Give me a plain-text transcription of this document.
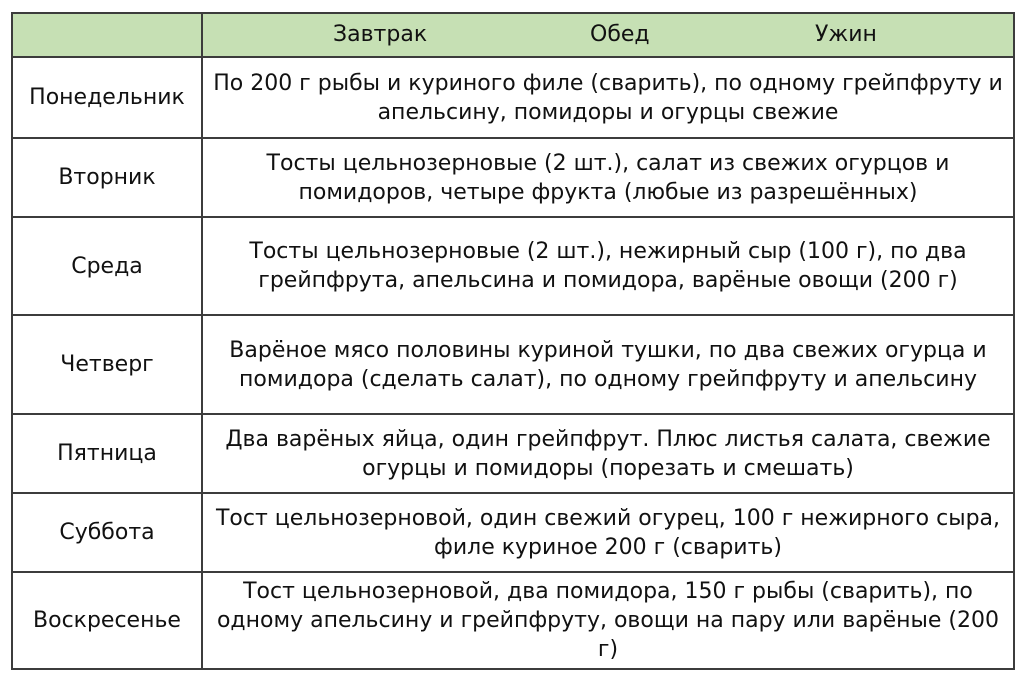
	Завтрак Обед Ужин

Понедельник	По 200 г рыбы и куриного филе (сварить), по одному грейпфруту и апельсину, помидоры и огурцы свежие
Вторник	Тосты цельнозерновые (2 шт.), салат из свежих огурцов и помидоров, четыре фрукта (любые из разрешённых)
Среда	Тосты цельнозерновые (2 шт.), нежирный сыр (100 г), по два грейпфрута, апельсина и помидора, варёные овощи (200 г)
Четверг	Варёное мясо половины куриной тушки, по два свежих огурца и помидора (сделать салат), по одному грейпфруту и апельсину
Пятница	Два варёных яйца, один грейпфрут. Плюс листья салата, свежие огурцы и помидоры (порезать и смешать)
Суббота	Тост цельнозерновой, один свежий огурец, 100 г нежирного сыра, филе куриное 200 г (сварить)
Воскресенье	Тост цельнозерновой, два помидора, 150 г рыбы (сварить), по одному апельсину и грейпфруту, овощи на пару или варёные (200 г)
